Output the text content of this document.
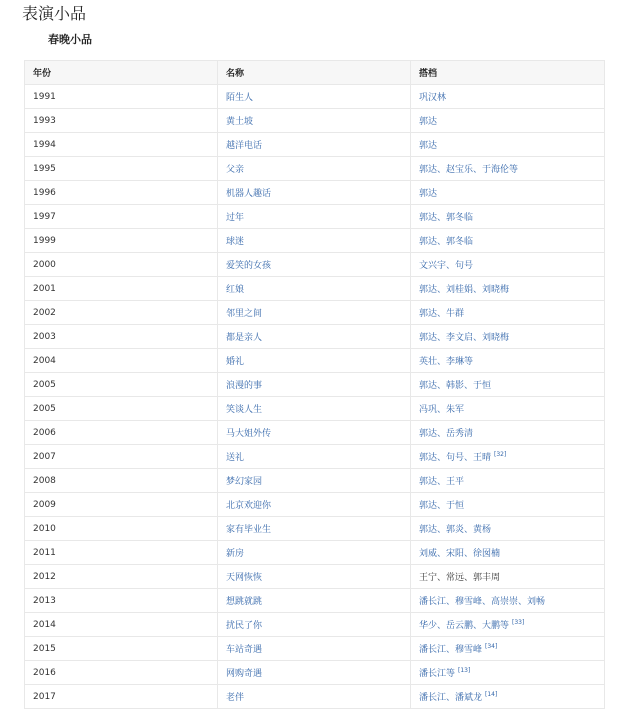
表演小品
春晚小品
年份	名称	搭档
1991	陌生人	巩汉林
1993	黄土坡	郭达
1994	越洋电话	郭达
1995	父亲	郭达、赵宝乐、于海伦等
1996	机器人趣话	郭达
1997	过年	郭达、郭冬临
1999	球迷	郭达、郭冬临
2000	爱笑的女孩	文兴宇、句号
2001	红娘	郭达、刘桂娟、刘晓梅
2002	邻里之间	郭达、牛群
2003	都是亲人	郭达、李文启、刘晓梅
2004	婚礼	英壮、李琳等
2005	浪漫的事	郭达、韩影、于恒
2005	笑谈人生	冯巩、朱军
2006	马大姐外传	郭达、岳秀清
2007	送礼	郭达、句号、王晴 [32]
2008	梦幻家园	郭达、王平
2009	北京欢迎你	郭达、于恒
2010	家有毕业生	郭达、郭炎、黄杨
2011	新房	刘威、宋阳、徐囡楠
2012	天网恢恢	王宁、常远、郭丰周
2013	想跳就跳	潘长江、穆雪峰、高崇崇、刘畅
2014	扰民了你	华少、岳云鹏、大鹏等 [33]
2015	车站奇遇	潘长江、穆雪峰 [34]
2016	网购奇遇	潘长江等 [13]
2017	老伴	潘长江、潘斌龙 [14]
